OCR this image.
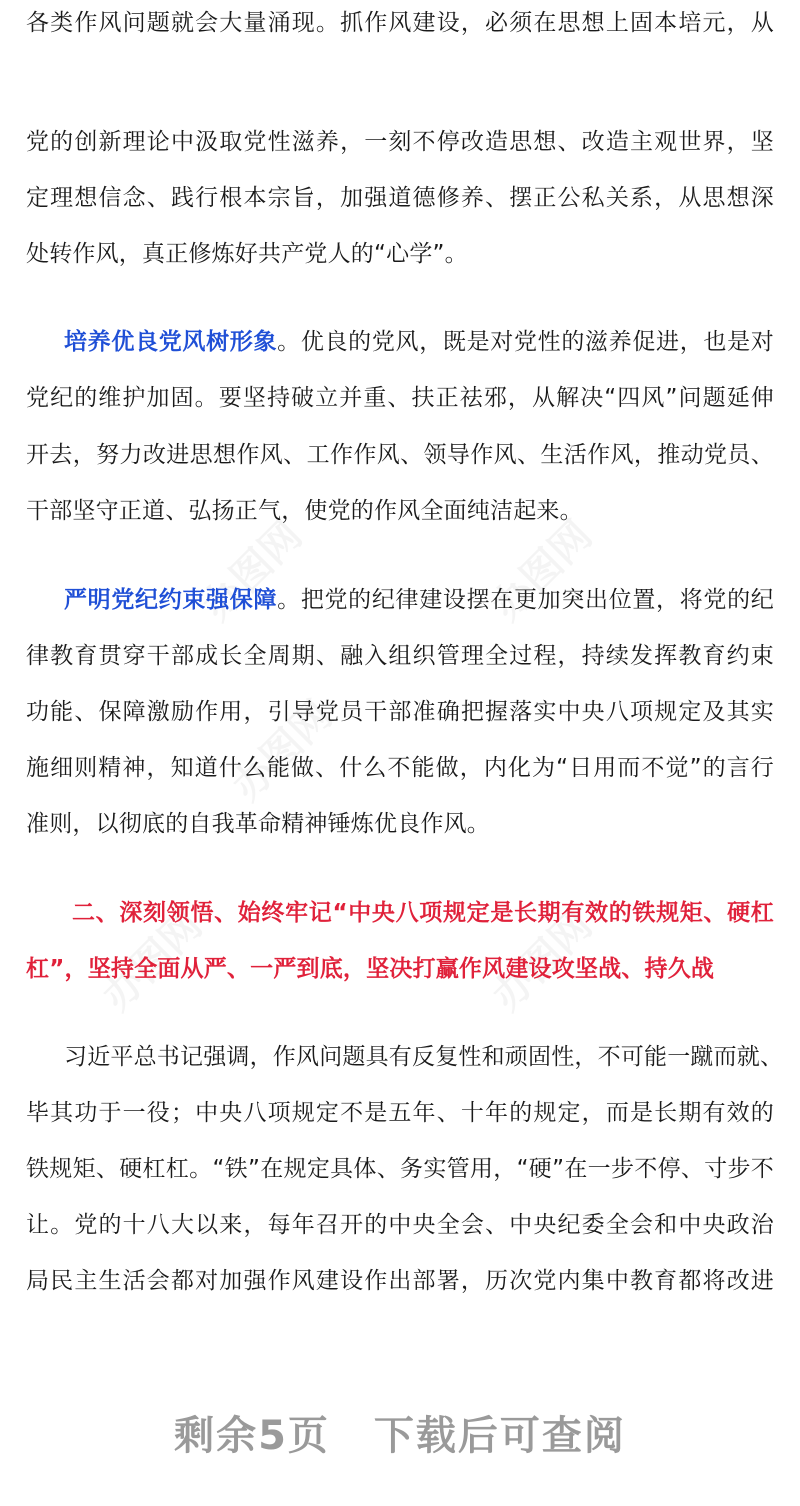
各类作风问题就会大量涌现。抓作风建设，必须在思想上固本培元，从
党的创新理论中汲取党性滋养，一刻不停改造思想、改造主观世界，坚
定理想信念、践行根本宗旨，加强道德修养、摆正公私关系，从思想深
处转作风，真正修炼好共产党人的“心学”。
培养优良党风树形象。优良的党风，既是对党性的滋养促进，也是对
党纪的维护加固。要坚持破立并重、扶正祛邪，从解决“四风”问题延伸
开去，努力改进思想作风、工作作风、领导作风、生活作风，推动党员、
干部坚守正道、弘扬正气，使党的作风全面纯洁起来。
严明党纪约束强保障。把党的纪律建设摆在更加突出位置，将党的纪
律教育贯穿干部成长全周期、融入组织管理全过程，持续发挥教育约束
功能、保障激励作用，引导党员干部准确把握落实中央八项规定及其实
施细则精神，知道什么能做、什么不能做，内化为“日用而不觉”的言行
准则，以彻底的自我革命精神锤炼优良作风。
二、深刻领悟、始终牢记“中央八项规定是长期有效的铁规矩、硬杠
杠”，坚持全面从严、一严到底，坚决打赢作风建设攻坚战、持久战
习近平总书记强调，作风问题具有反复性和顽固性，不可能一蹴而就、
毕其功于一役；中央八项规定不是五年、十年的规定，而是长期有效的
铁规矩、硬杠杠。“铁”在规定具体、务实管用，“硬”在一步不停、寸步不
让。党的十八大以来，每年召开的中央全会、中央纪委全会和中央政治
局民主生活会都对加强作风建设作出部署，历次党内集中教育都将改进
剩余5页 下载后可查阅
